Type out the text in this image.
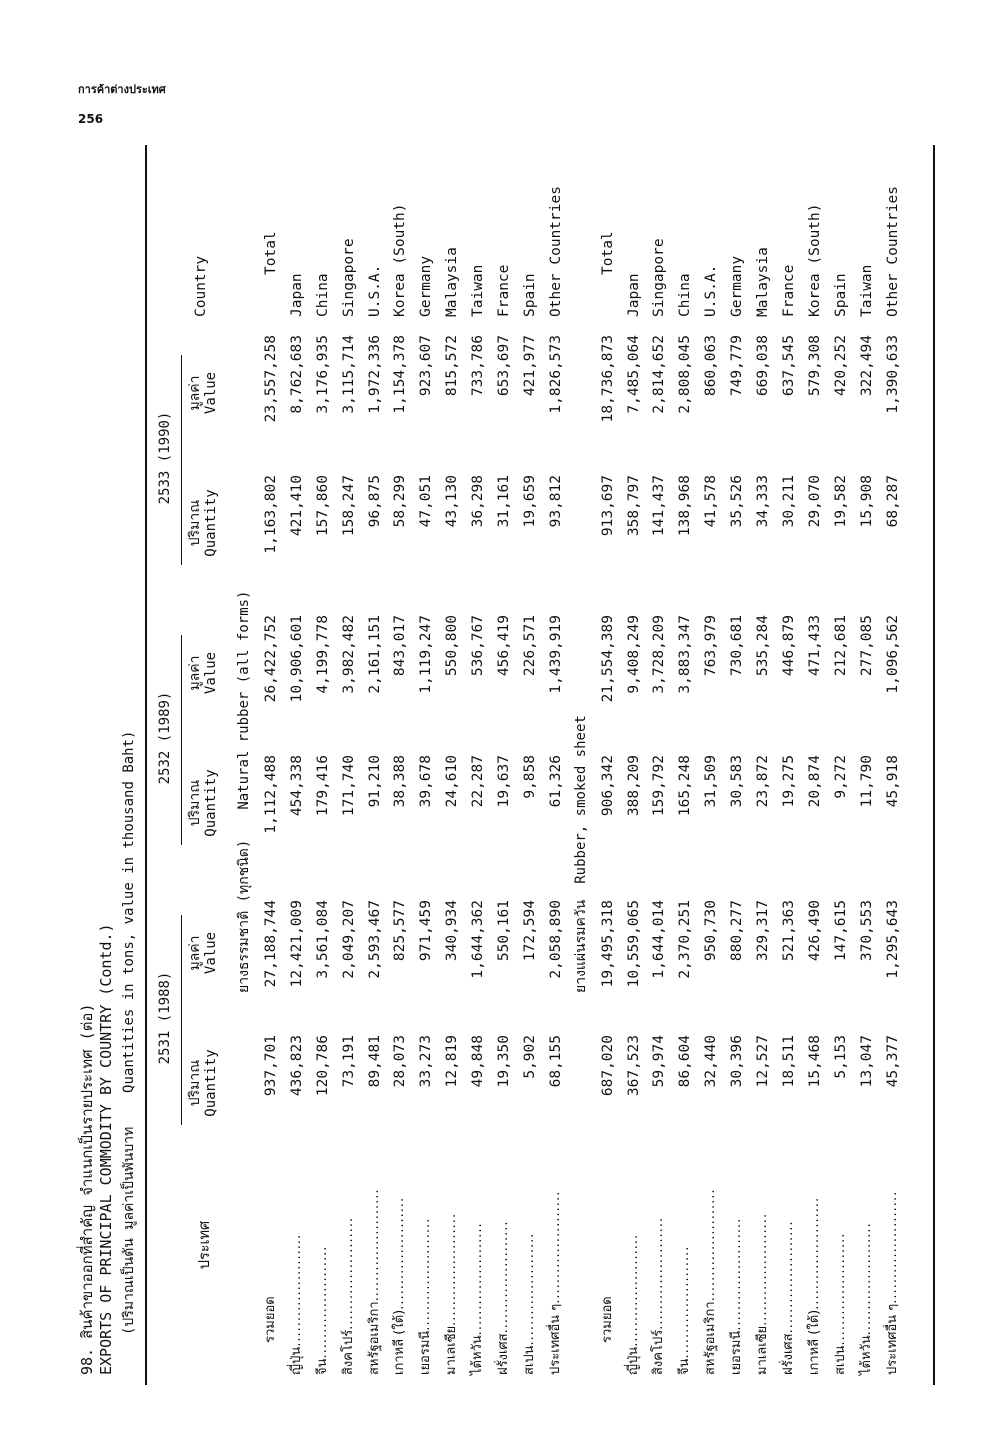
การค้าต่างประเทศ
256
98. สินค้าขาออกที่สำคัญ จำแนกเป็นรายประเทศ (ต่อ) EXPORTS OF PRINCIPAL COMMODITY BY COUNTRY (Contd.) (ปริมาณเป็นตัน มูลค่าเป็นพันบาท    Quantities in tons, value in thousand Baht)
ประเทศ
2531 (1988)
2532 (1989)
2533 (1990)
ปริมาณ Quantity
มูลค่า Value
ปริมาณ Quantity
มูลค่า Value
ปริมาณ Quantity
มูลค่า Value
Country
ยางธรรมชาติ (ทุกชนิด)Natural rubber (all forms)
รวมยอด
937,701
27,188,744
1,112,488
26,422,752
1,163,802
23,557,258
Total
ญี่ปุ่น......................
436,823
12,421,009
454,338
10,906,601
421,410
8,762,683
Japan
จีน......................
120,786
3,561,084
179,416
4,199,778
157,860
3,176,935
China
สิงคโปร์......................
73,191
2,049,207
171,740
3,982,482
158,247
3,115,714
Singapore
สหรัฐอเมริกา......................
89,481
2,593,467
91,210
2,161,151
96,875
1,972,336
U.S.A.
เกาหลี (ใต้)......................
28,073
825,577
38,388
843,017
58,299
1,154,378
Korea (South)
เยอรมนี......................
33,273
971,459
39,678
1,119,247
47,051
923,607
Germany
มาเลเซีย......................
12,819
340,934
24,610
550,800
43,130
815,572
Malaysia
ไต้หวัน......................
49,848
1,644,362
22,287
536,767
36,298
733,786
Taiwan
ฝรั่งเศส......................
19,350
550,161
19,637
456,419
31,161
653,697
France
สเปน......................
5,902
172,594
9,858
226,571
19,659
421,977
Spain
ประเทศอื่น ๆ......................
68,155
2,058,890
61,326
1,439,919
93,812
1,826,573
Other Countries
ยางแผ่นรมควันRubber, smoked sheet
รวมยอด
687,020
19,495,318
906,342
21,554,389
913,697
18,736,873
Total
ญี่ปุ่น......................
367,523
10,559,065
388,209
9,408,249
358,797
7,485,064
Japan
สิงคโปร์......................
59,974
1,644,014
159,792
3,728,209
141,437
2,814,652
Singapore
จีน......................
86,604
2,370,251
165,248
3,883,347
138,968
2,808,045
China
สหรัฐอเมริกา......................
32,440
950,730
31,509
763,979
41,578
860,063
U.S.A.
เยอรมนี......................
30,396
880,277
30,583
730,681
35,526
749,779
Germany
มาเลเซีย......................
12,527
329,317
23,872
535,284
34,333
669,038
Malaysia
ฝรั่งเศส......................
18,511
521,363
19,275
446,879
30,211
637,545
France
เกาหลี (ใต้)......................
15,468
426,490
20,874
471,433
29,070
579,308
Korea (South)
สเปน......................
5,153
147,615
9,272
212,681
19,582
420,252
Spain
ไต้หวัน......................
13,047
370,553
11,790
277,085
15,908
322,494
Taiwan
ประเทศอื่น ๆ......................
45,377
1,295,643
45,918
1,096,562
68,287
1,390,633
Other Countries
